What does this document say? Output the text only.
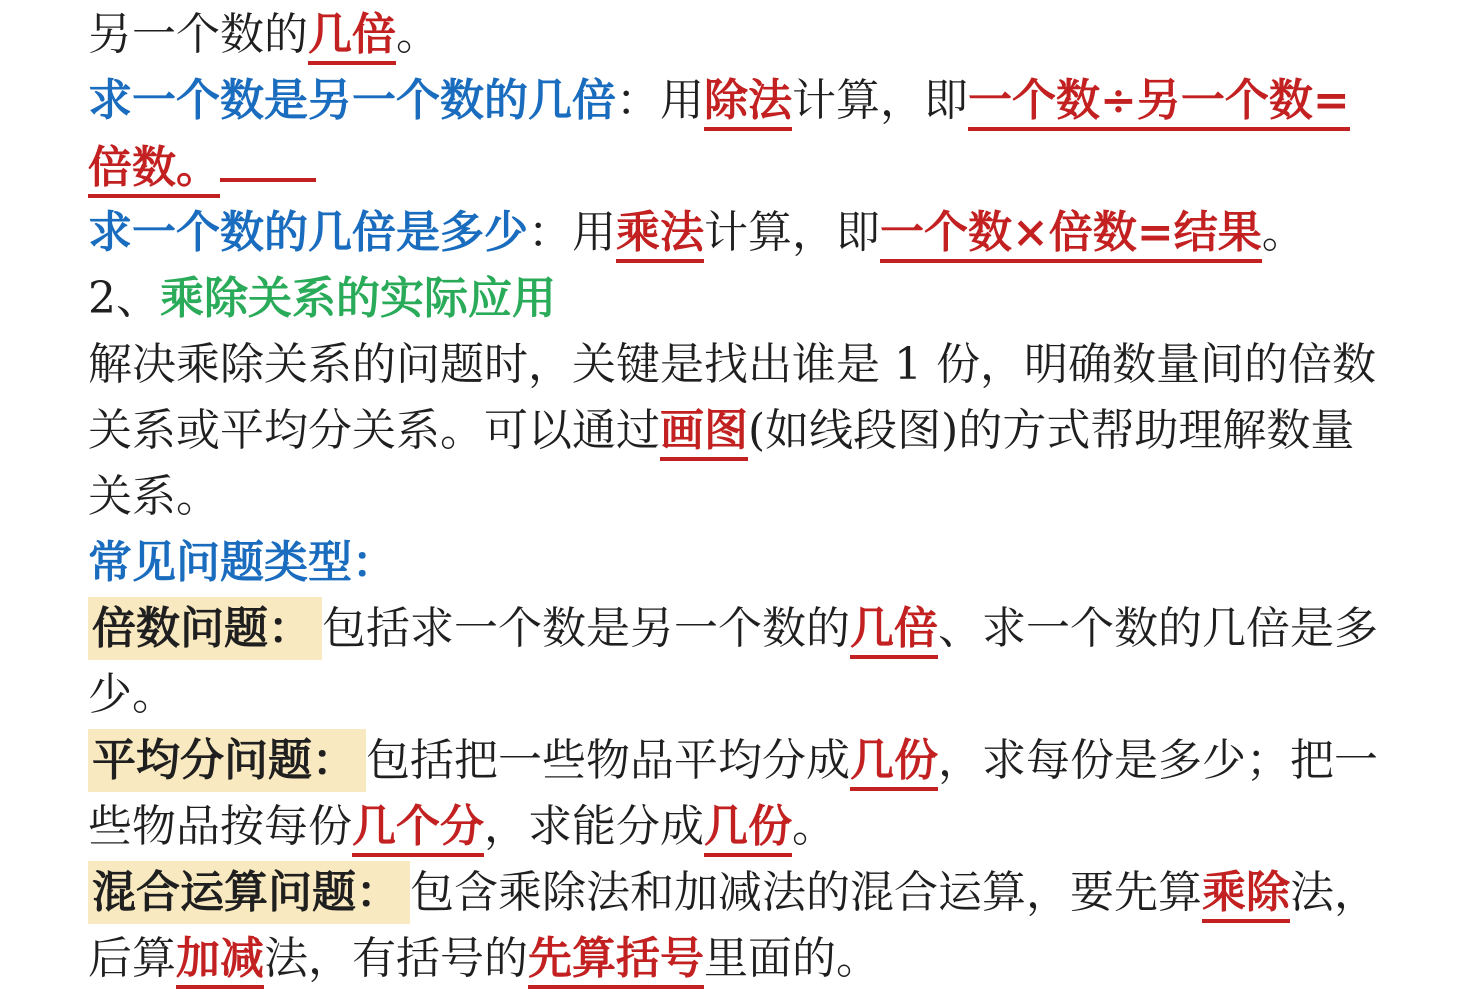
另一个数的几倍。
求一个数是另一个数的几倍：用除法计算，即一个数÷另一个数=
倍数。
求一个数的几倍是多少：用乘法计算，即一个数×倍数=结果。
2、乘除关系的实际应用
解决乘除关系的问题时，关键是找出谁是 1 份，明确数量间的倍数
关系或平均分关系。可以通过画图(如线段图)的方式帮助理解数量
关系。
常见问题类型：
倍数问题： 包括求一个数是另一个数的几倍、求一个数的几倍是多
少。
平均分问题： 包括把一些物品平均分成几份，求每份是多少；把一
些物品按每份几个分，求能分成几份。
混合运算问题： 包含乘除法和加减法的混合运算，要先算乘除法，
后算加减法，有括号的先算括号里面的。
